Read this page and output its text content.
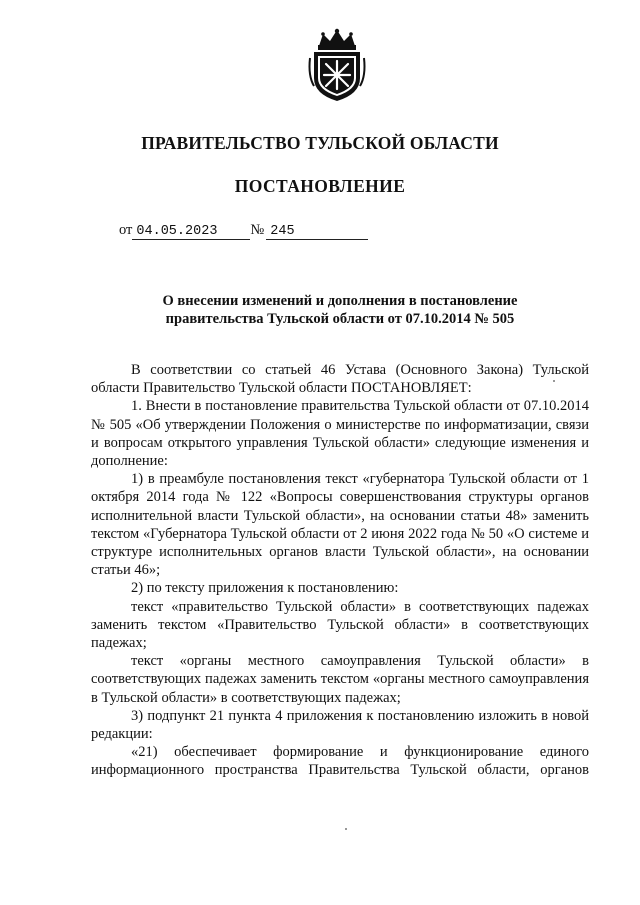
ПРАВИТЕЛЬСТВО ТУЛЬСКОЙ ОБЛАСТИ
ПОСТАНОВЛЕНИЕ
от 04.05.2023 № 245
О внесении изменений и дополнения в постановление
правительства Тульской области от 07.10.2014 № 505

В соответствии со статьей 46 Устава (Основного Закона) Тульской области Правительство Тульской области ПОСТАНОВЛЯЕТ:

1. Внести в постановление правительства Тульской области от 07.10.2014 № 505 «Об утверждении Положения о министерстве по информатизации, связи и вопросам открытого управления Тульской области» следующие изменения и дополнение:

1) в преамбуле постановления текст «губернатора Тульской области от 1 октября 2014 года № 122 «Вопросы совершенствования структуры органов исполнительной власти Тульской области», на основании статьи 48» заменить текстом «Губернатора Тульской области от 2 июня 2022 года № 50 «О системе и структуре исполнительных органов власти Тульской области», на основании статьи 46»;

2) по тексту приложения к постановлению:

текст «правительство Тульской области» в соответствующих падежах заменить текстом «Правительство Тульской области» в соответствующих падежах;

текст «органы местного самоуправления Тульской области» в соответствующих падежах заменить текстом «органы местного самоуправления в Тульской области» в соответствующих падежах;

3) подпункт 21 пункта 4 приложения к постановлению изложить в новой редакции:

«21) обеспечивает формирование и функционирование единого информационного пространства Правительства Тульской области, органов
